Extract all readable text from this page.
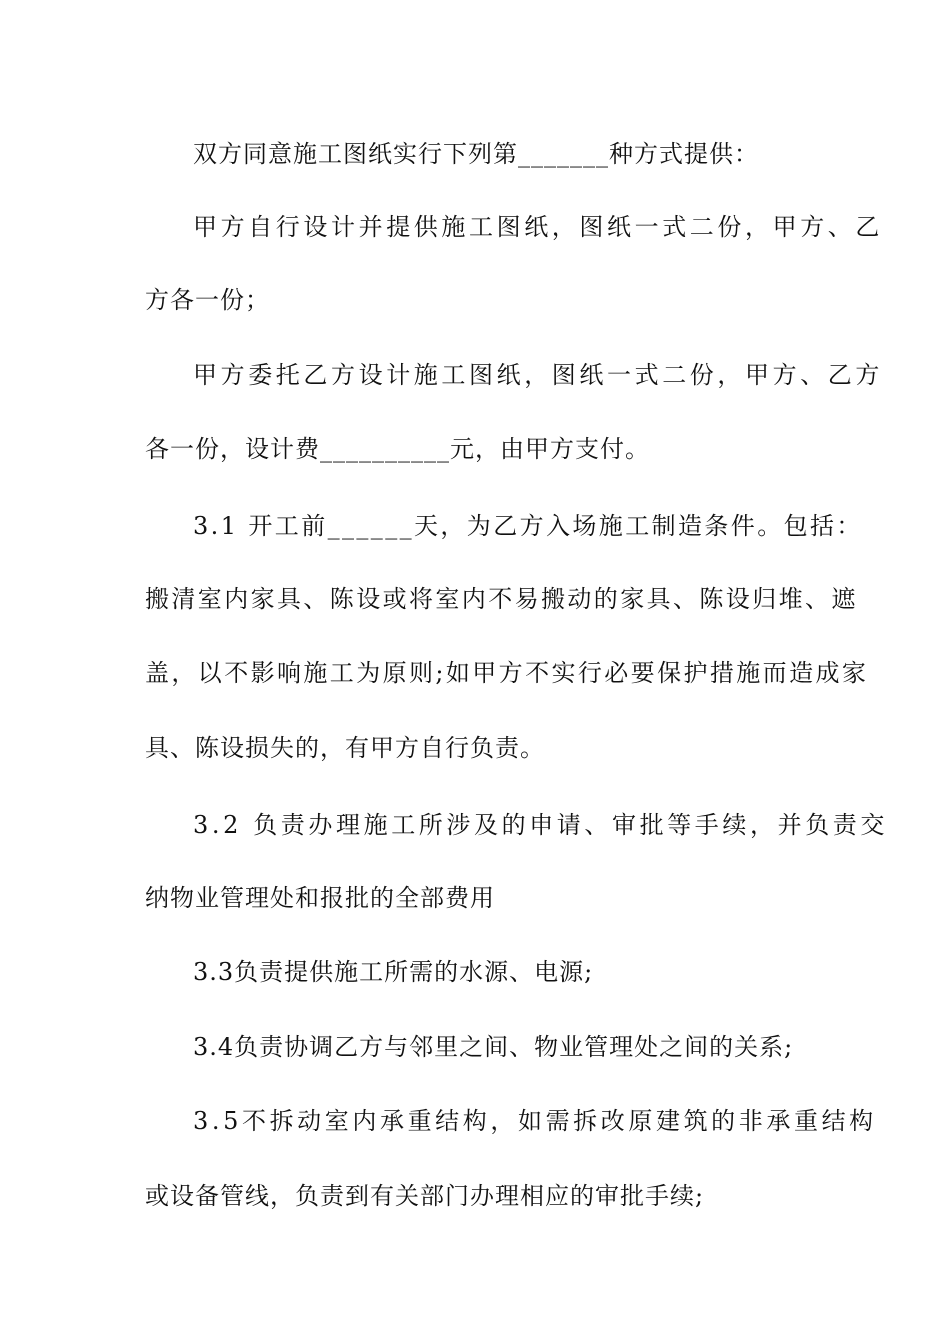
双方同意施工图纸实行下列第_______种方式提供：
甲方自行设计并提供施工图纸，图纸一式二份，甲方、乙
方各一份；
甲方委托乙方设计施工图纸，图纸一式二份，甲方、乙方
各一份，设计费__________元，由甲方支付。
3.1 开工前______天，为乙方入场施工制造条件。包括：
搬清室内家具、陈设或将室内不易搬动的家具、陈设归堆、遮
盖，以不影响施工为原则;如甲方不实行必要保护措施而造成家
具、陈设损失的，有甲方自行负责。
3.2 负责办理施工所涉及的申请、审批等手续，并负责交
纳物业管理处和报批的全部费用
3.3负责提供施工所需的水源、电源;
3.4负责协调乙方与邻里之间、物业管理处之间的关系;
3.5不拆动室内承重结构，如需拆改原建筑的非承重结构
或设备管线，负责到有关部门办理相应的审批手续;
